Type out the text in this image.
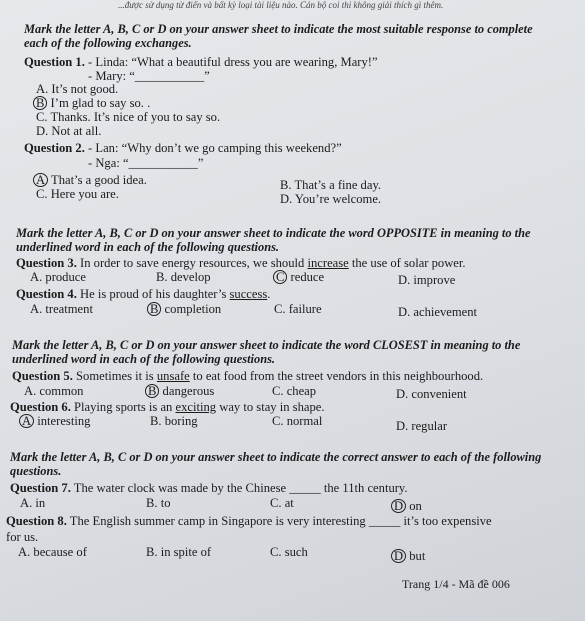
...được sử dụng từ điển và bất kỳ loại tài liệu nào. Cán bộ coi thi không giải thích gì thêm.
Mark the letter A, B, C or D on your answer sheet to indicate the most suitable response to complete
each of the following exchanges.
Question 1. - Linda: “What a beautiful dress you are wearing, Mary!”
- Mary: “___________”
A. It’s not good.
B I’m glad to say so. .
C. Thanks. It’s nice of you to say so.
D. Not at all.
Question 2. - Lan: “Why don’t we go camping this weekend?”
- Nga: “___________”
A That’s a good idea.	B. That’s a fine day.
C. Here you are.	D. You’re welcome.
Mark the letter A, B, C or D on your answer sheet to indicate the word OPPOSITE in meaning to the
underlined word in each of the following questions.
Question 3. In order to save energy resources, we should increase the use of solar power.
A. produce	B. develop	C reduce	D. improve
Question 4. He is proud of his daughter’s success.
A. treatment	B completion	C. failure	D. achievement
Mark the letter A, B, C or D on your answer sheet to indicate the word CLOSEST in meaning to the
underlined word in each of the following questions.
Question 5. Sometimes it is unsafe to eat food from the street vendors in this neighbourhood.
A. common	B dangerous	C. cheap	D. convenient
Question 6. Playing sports is an exciting way to stay in shape.
A interesting	B. boring	C. normal	D. regular
Mark the letter A, B, C or D on your answer sheet to indicate the correct answer to each of the following
questions.
Question 7. The water clock was made by the Chinese _____ the 11th century.
A. in	B. to	C. at	D on
Question 8. The English summer camp in Singapore is very interesting _____ it’s too expensive
for us.
A. because of	B. in spite of	C. such	D but
Trang 1/4 - Mã đề 006
